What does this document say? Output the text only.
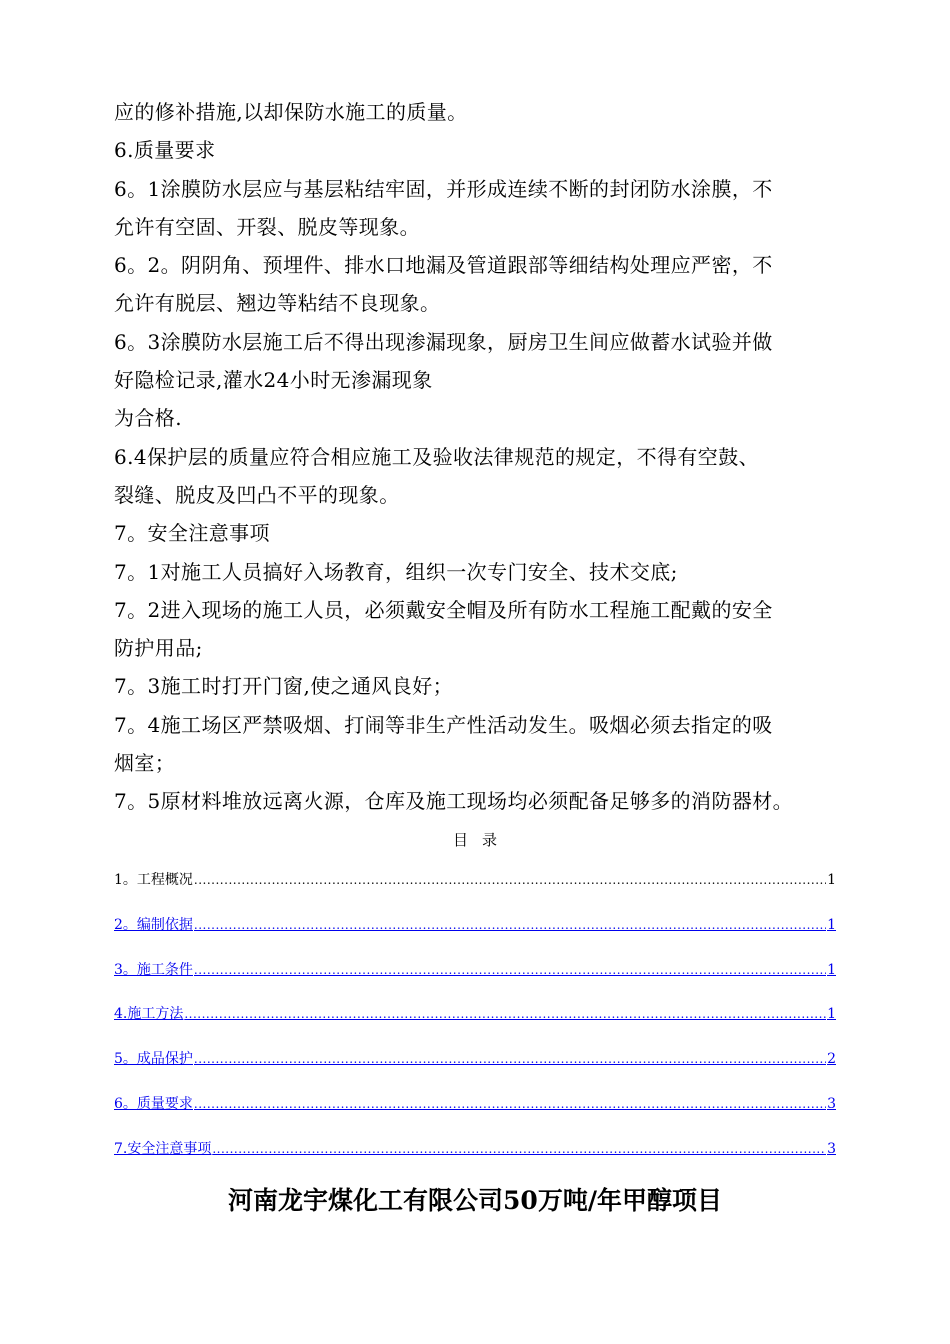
应的修补措施,以却保防水施工的质量。
6.质量要求
6。1涂膜防水层应与基层粘结牢固，并形成连续不断的封闭防水涂膜，不
允许有空固、开裂、脱皮等现象。
6。2。阴阴角、预埋件、排水口地漏及管道跟部等细结构处理应严密，不
允许有脱层、翘边等粘结不良现象。
6。3涂膜防水层施工后不得出现渗漏现象，厨房卫生间应做蓄水试验并做
好隐检记录,灌水24小时无渗漏现象
为合格.
6.4保护层的质量应符合相应施工及验收法律规范的规定，不得有空鼓、
裂缝、脱皮及凹凸不平的现象。
7。安全注意事项
7。1对施工人员搞好入场教育，组织一次专门安全、技术交底;
7。2进入现场的施工人员，必须戴安全帽及所有防水工程施工配戴的安全
防护用品;
7。3施工时打开门窗,使之通风良好；
7。4施工场区严禁吸烟、打闹等非生产性活动发生。吸烟必须去指定的吸
烟室；
7。5原材料堆放远离火源，仓库及施工现场均必须配备足够多的消防器材。
目录
1。工程概况 .....	1
2。编制依据 .....	1
3。施工条件 .....	1
4.施工方法 .....	1
5。成品保护 .....	2
6。质量要求 .....	3
7.安全注意事项 .....	3
河南龙宇煤化工有限公司50万吨/年甲醇项目
